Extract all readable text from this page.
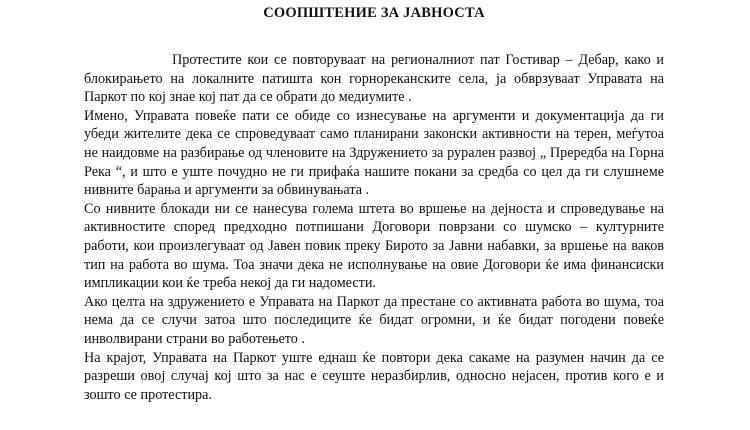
СООПШТЕНИЕ ЗА ЈАВНОСТА

Протестите кои се повторуваат на регионалниот пат Гостивар – Дебар, како и блокирањето на локалните патишта кон горнореканските села, ја обврзуваат Управата на Паркот по кој знае кој пат да се обрати до медиумите .

Имено, Управата повеќе пати се обиде со изнесување на аргументи и документација да ги убеди жителите дека се спроведуваат само планирани законски активности на терен, меѓутоа не наидовме на разбирање од членовите на Здружението за рурален развој „ Прередба на Горна Река “, и што е уште почудно не ги прифаќа нашите покани за средба со цел да ги слушнеме нивните барања и аргументи за обвинувањата .

Со нивните блокади ни се нанесува голема штета во вршење на дејноста и спроведување на активностите според предходно потпишани Договори поврзани со шумско – културните работи, кои произлегуваат од Јавен повик преку Бирото за Јавни набавки, за вршење на ваков тип на работа во шума. Тоа значи дека не исполнување на овие Договори ќе има финансиски импликации кои ќе треба некој да ги надомести.

Ако целта на здружението е Управата на Паркот да престане со активната работа во шума, тоа нема да се случи затоа што последиците ќе бидат огромни, и ќе бидат погодени повеќе инволвирани страни во работењето .

На крајот, Управата на Паркот уште еднаш ќе повтори дека сакаме на разумен начин да се разреши овој случај кој што за нас е сеуште неразбирлив, односно нејасен, против кого е и зошто се протестира.
